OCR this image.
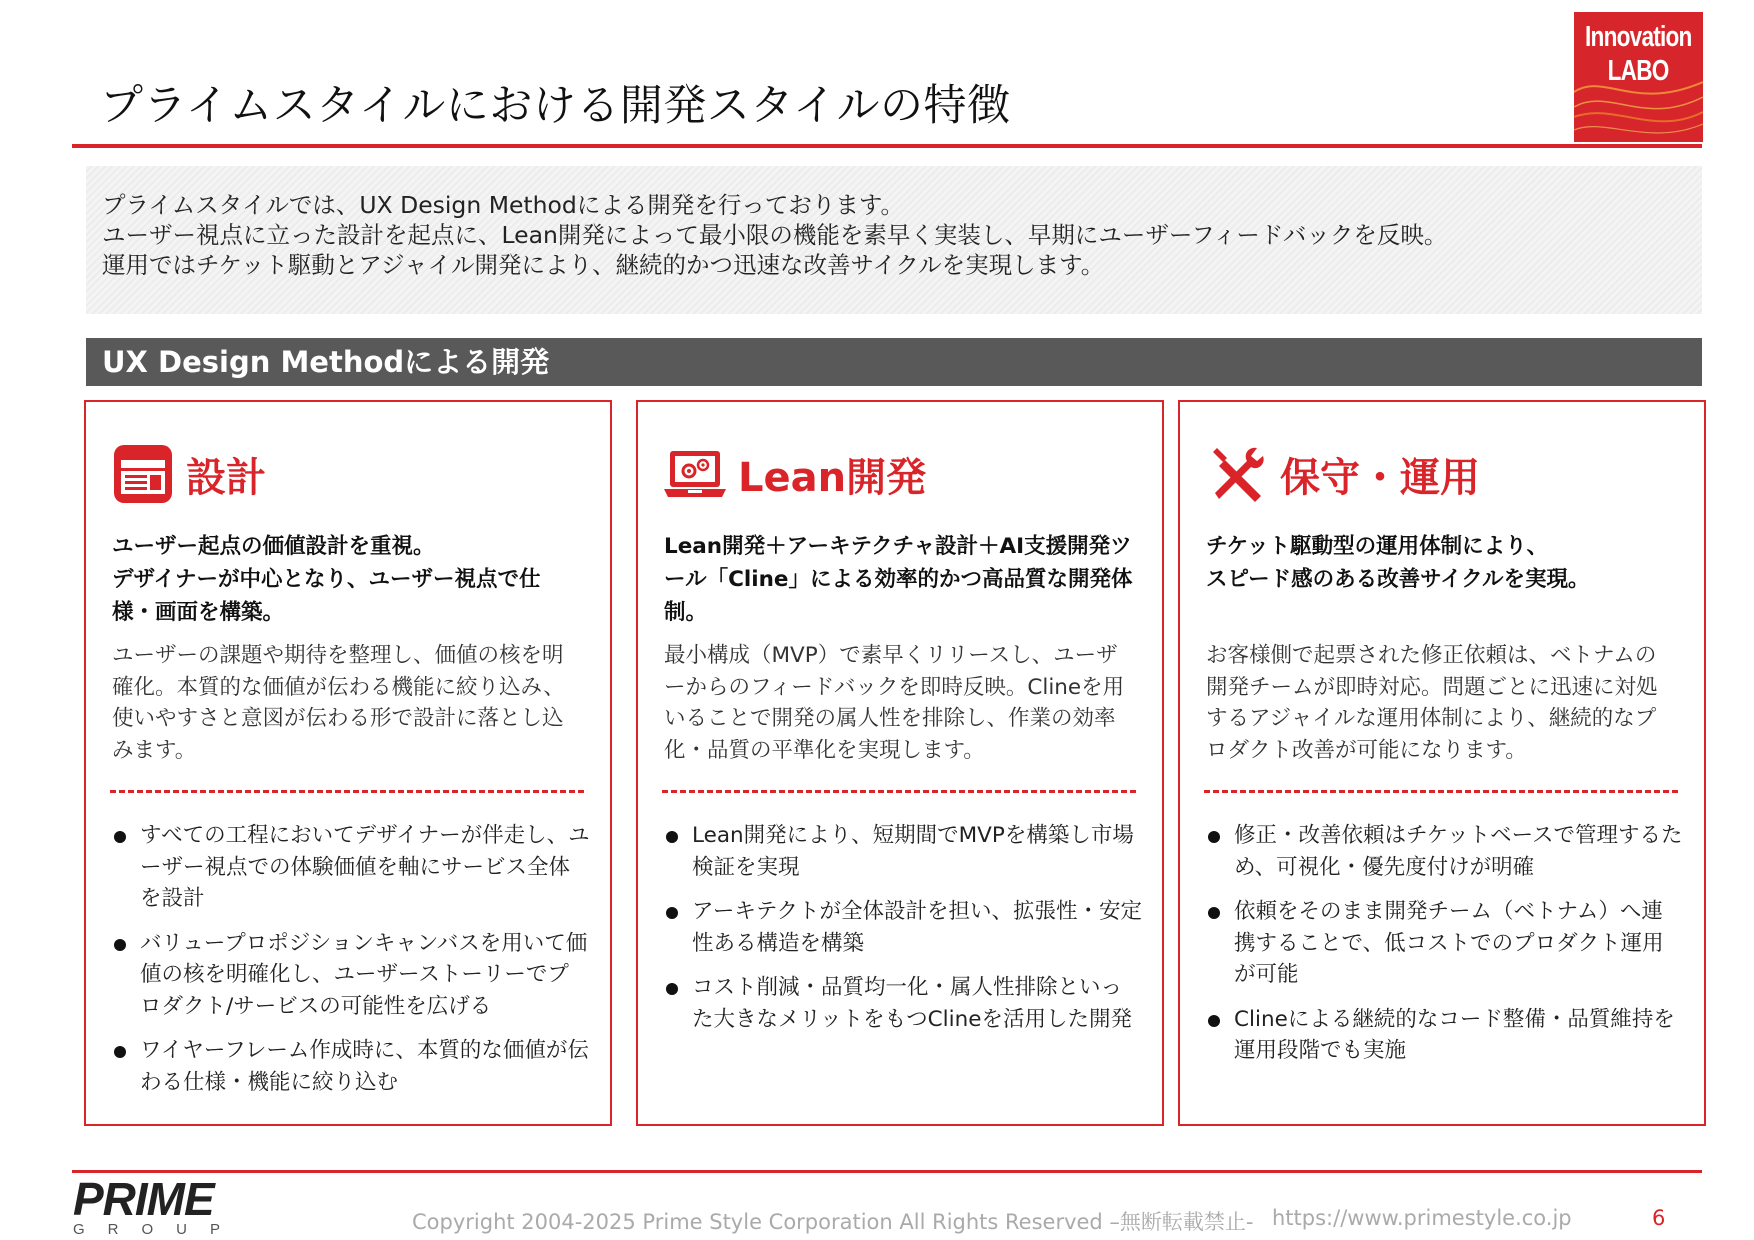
プライムスタイルにおける開発スタイルの特徴
Innovation
LABO

プライムスタイルでは、UX Design Methodによる開発を行っております。

ユーザー視点に立った設計を起点に、Lean開発によって最小限の機能を素早く実装し、早期にユーザーフィードバックを反映。

運用ではチケット駆動とアジャイル開発により、継続的かつ迅速な改善サイクルを実現します。

UX Design Methodによる開発
設計
ユーザー起点の価値設計を重視。
デザイナーが中心となり、ユーザー視点で仕様・画面を構築。
ユーザーの課題や期待を整理し、価値の核を明確化。本質的な価値が伝わる機能に絞り込み、使いやすさと意図が伝わる形で設計に落とし込みます。
すべての工程においてデザイナーが伴走し、ユーザー視点での体験価値を軸にサービス全体を設計
バリュープロポジションキャンバスを用いて価値の核を明確化し、ユーザーストーリーでプロダクト/サービスの可能性を広げる
ワイヤーフレーム作成時に、本質的な価値が伝わる仕様・機能に絞り込む
Lean開発
Lean開発＋アーキテクチャ設計＋AI支援開発ツール「Cline」による効率的かつ高品質な開発体制。
最小構成（MVP）で素早くリリースし、ユーザーからのフィードバックを即時反映。Clineを用いることで開発の属人性を排除し、作業の効率化・品質の平準化を実現します。
Lean開発により、短期間でMVPを構築し市場検証を実現
アーキテクトが全体設計を担い、拡張性・安定性ある構造を構築
コスト削減・品質均一化・属人性排除といった大きなメリットをもつClineを活用した開発
保守・運用
チケット駆動型の運用体制により、
スピード感のある改善サイクルを実現。
お客様側で起票された修正依頼は、ベトナムの開発チームが即時対応。問題ごとに迅速に対処するアジャイルな運用体制により、継続的なプロダクト改善が可能になります。
修正・改善依頼はチケットベースで管理するため、可視化・優先度付けが明確
依頼をそのまま開発チーム（ベトナム）へ連携することで、低コストでのプロダクト運用が可能
Clineによる継続的なコード整備・品質維持を運用段階でも実施
PRIME
GROUP	Copyright 2004-2025 Prime Style Corporation All Rights Reserved –無断転載禁止- https://www.primestyle.co.jp	6
